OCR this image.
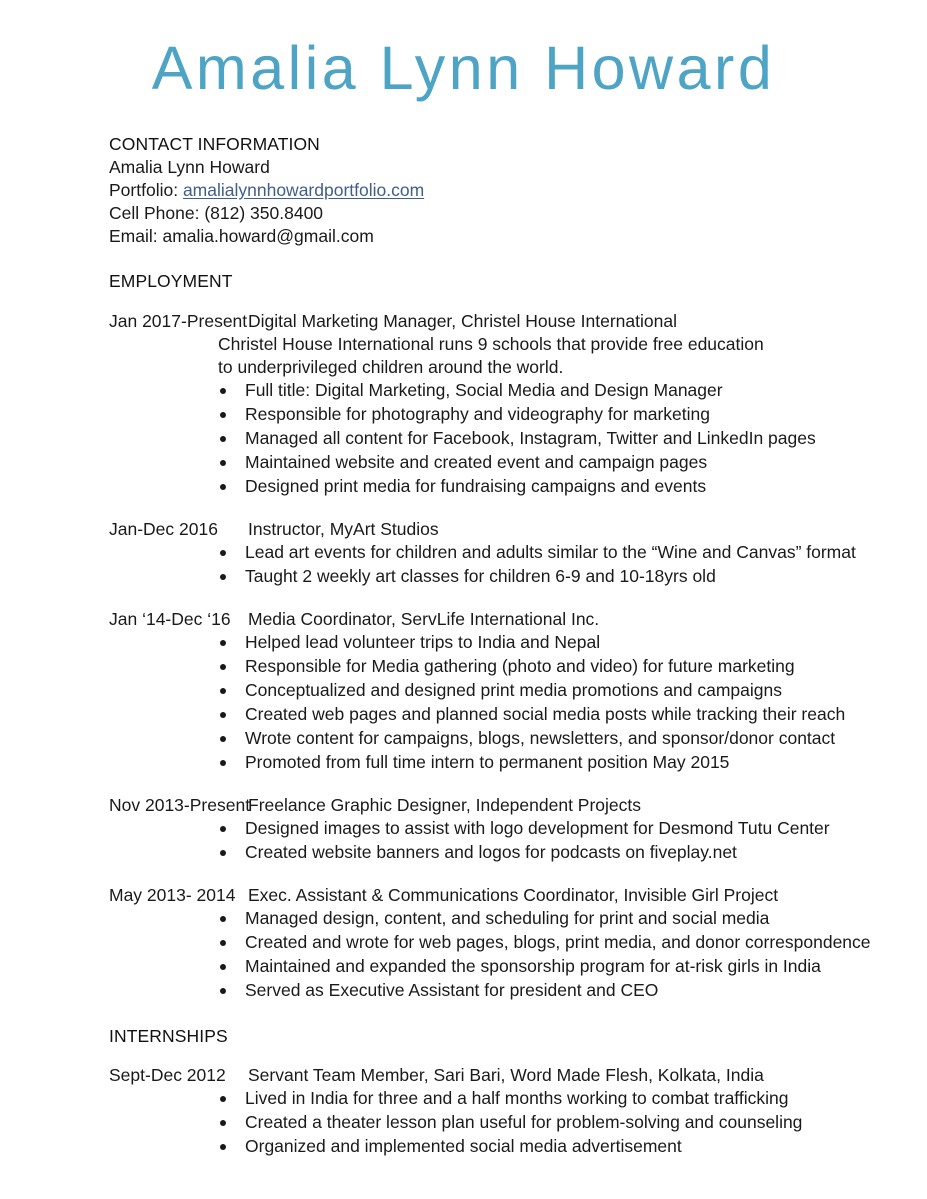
Amalia Lynn Howard
CONTACT INFORMATION
Amalia Lynn Howard
Portfolio: amalialynnhowardportfolio.com
Cell Phone: (812) 350.8400
Email: amalia.howard@gmail.com
EMPLOYMENT
Jan 2017-Present Digital Marketing Manager, Christel House International
Christel House International runs 9 schools that provide free education to underprivileged children around the world.
Full title: Digital Marketing, Social Media and Design Manager
Responsible for photography and videography for marketing
Managed all content for Facebook, Instagram, Twitter and LinkedIn pages
Maintained website and created event and campaign pages
Designed print media for fundraising campaigns and events
Jan-Dec 2016	Instructor, MyArt Studios
Lead art events for children and adults similar to the “Wine and Canvas” format
Taught 2 weekly art classes for children 6-9 and 10-18yrs old
Jan ‘14-Dec ‘16 Media Coordinator, ServLife International Inc.
Helped lead volunteer trips to India and Nepal
Responsible for Media gathering (photo and video) for future marketing
Conceptualized and designed print media promotions and campaigns
Created web pages and planned social media posts while tracking their reach
Wrote content for campaigns, blogs, newsletters, and sponsor/donor contact
Promoted from full time intern to permanent position May 2015
Nov 2013-Present
Freelance Graphic Designer, Independent Projects
Designed images to assist with logo development for Desmond Tutu Center
Created website banners and logos for podcasts on fiveplay.net
May 2013- 2014 Exec. Assistant & Communications Coordinator, Invisible Girl Project
Managed design, content, and scheduling for print and social media
Created and wrote for web pages, blogs, print media, and donor correspondence
Maintained and expanded the sponsorship program for at-risk girls in India
Served as Executive Assistant for president and CEO
INTERNSHIPS
Sept-Dec 2012	Servant Team Member, Sari Bari, Word Made Flesh, Kolkata, India
Lived in India for three and a half months working to combat trafficking
Created a theater lesson plan useful for problem-solving and counseling
Organized and implemented social media advertisement
